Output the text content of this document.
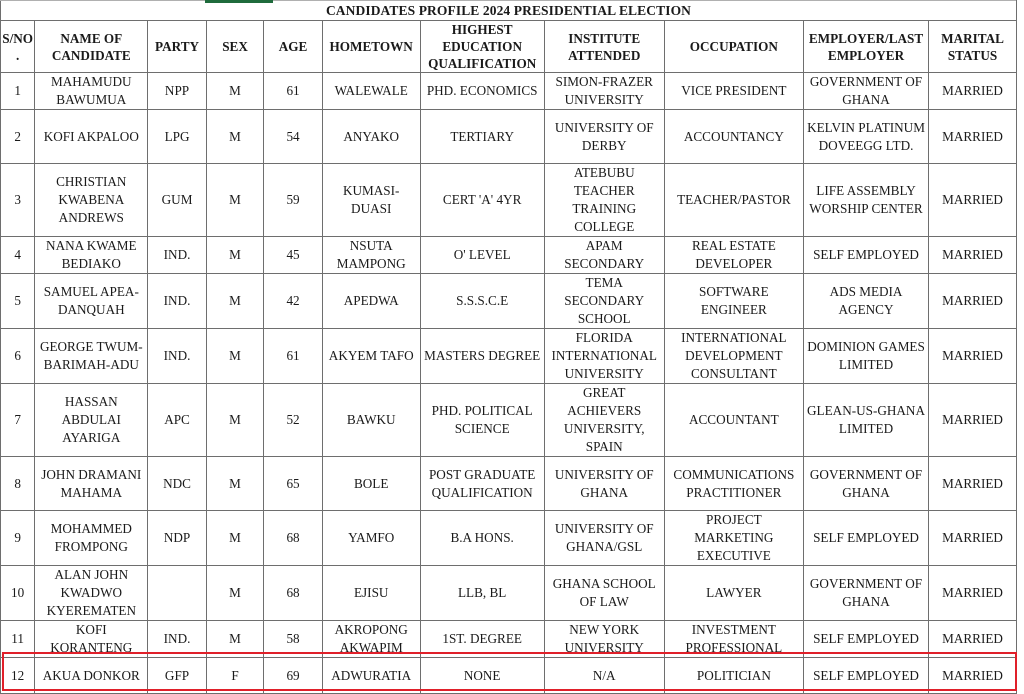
CANDIDATES PROFILE 2024 PRESIDENTIAL ELECTION										
S/NO.	NAME OF CANDIDATE	PARTY	SEX	AGE	HOMETOWN	HIGHEST EDUCATION QUALIFICATION	INSTITUTE ATTENDED	OCCUPATION	EMPLOYER/LAST EMPLOYER	MARITAL STATUS
1	MAHAMUDU BAWUMUA	NPP	M	61	WALEWALE	PHD. ECONOMICS	SIMON-FRAZER UNIVERSITY	VICE PRESIDENT	GOVERNMENT OF GHANA	MARRIED
2	KOFI AKPALOO	LPG	M	54	ANYAKO	TERTIARY	UNIVERSITY OF DERBY	ACCOUNTANCY	KELVIN PLATINUM DOVEEGG LTD.	MARRIED
3	CHRISTIAN KWABENA ANDREWS	GUM	M	59	KUMASI-DUASI	CERT 'A' 4YR	ATEBUBU TEACHER TRAINING COLLEGE	TEACHER/PASTOR	LIFE ASSEMBLY WORSHIP CENTER	MARRIED
4	NANA KWAME BEDIAKO	IND.	M	45	NSUTA MAMPONG	O' LEVEL	APAM SECONDARY	REAL ESTATE DEVELOPER	SELF EMPLOYED	MARRIED
5	SAMUEL APEA-DANQUAH	IND.	M	42	APEDWA	S.S.S.C.E	TEMA SECONDARY SCHOOL	SOFTWARE ENGINEER	ADS MEDIA AGENCY	MARRIED
6	GEORGE TWUM-BARIMAH-ADU	IND.	M	61	AKYEM TAFO	MASTERS DEGREE	FLORIDA INTERNATIONAL UNIVERSITY	INTERNATIONAL DEVELOPMENT CONSULTANT	DOMINION GAMES LIMITED	MARRIED
7	HASSAN ABDULAI AYARIGA	APC	M	52	BAWKU	PHD. POLITICAL SCIENCE	GREAT ACHIEVERS UNIVERSITY, SPAIN	ACCOUNTANT	GLEAN-US-GHANA LIMITED	MARRIED
8	JOHN DRAMANI MAHAMA	NDC	M	65	BOLE	POST GRADUATE QUALIFICATION	UNIVERSITY OF GHANA	COMMUNICATIONS PRACTITIONER	GOVERNMENT OF GHANA	MARRIED
9	MOHAMMED FROMPONG	NDP	M	68	YAMFO	B.A HONS.	UNIVERSITY OF GHANA/GSL	PROJECT MARKETING EXECUTIVE	SELF EMPLOYED	MARRIED
10	ALAN JOHN KWADWO KYEREMATEN		M	68	EJISU	LLB, BL	GHANA SCHOOL OF LAW	LAWYER	GOVERNMENT OF GHANA	MARRIED
11	KOFI KORANTENG	IND.	M	58	AKROPONG AKWAPIM	1ST. DEGREE	NEW YORK UNIVERSITY	INVESTMENT PROFESSIONAL	SELF EMPLOYED	MARRIED
12	AKUA DONKOR	GFP	F	69	ADWURATIA	NONE	N/A	POLITICIAN	SELF EMPLOYED	MARRIED
